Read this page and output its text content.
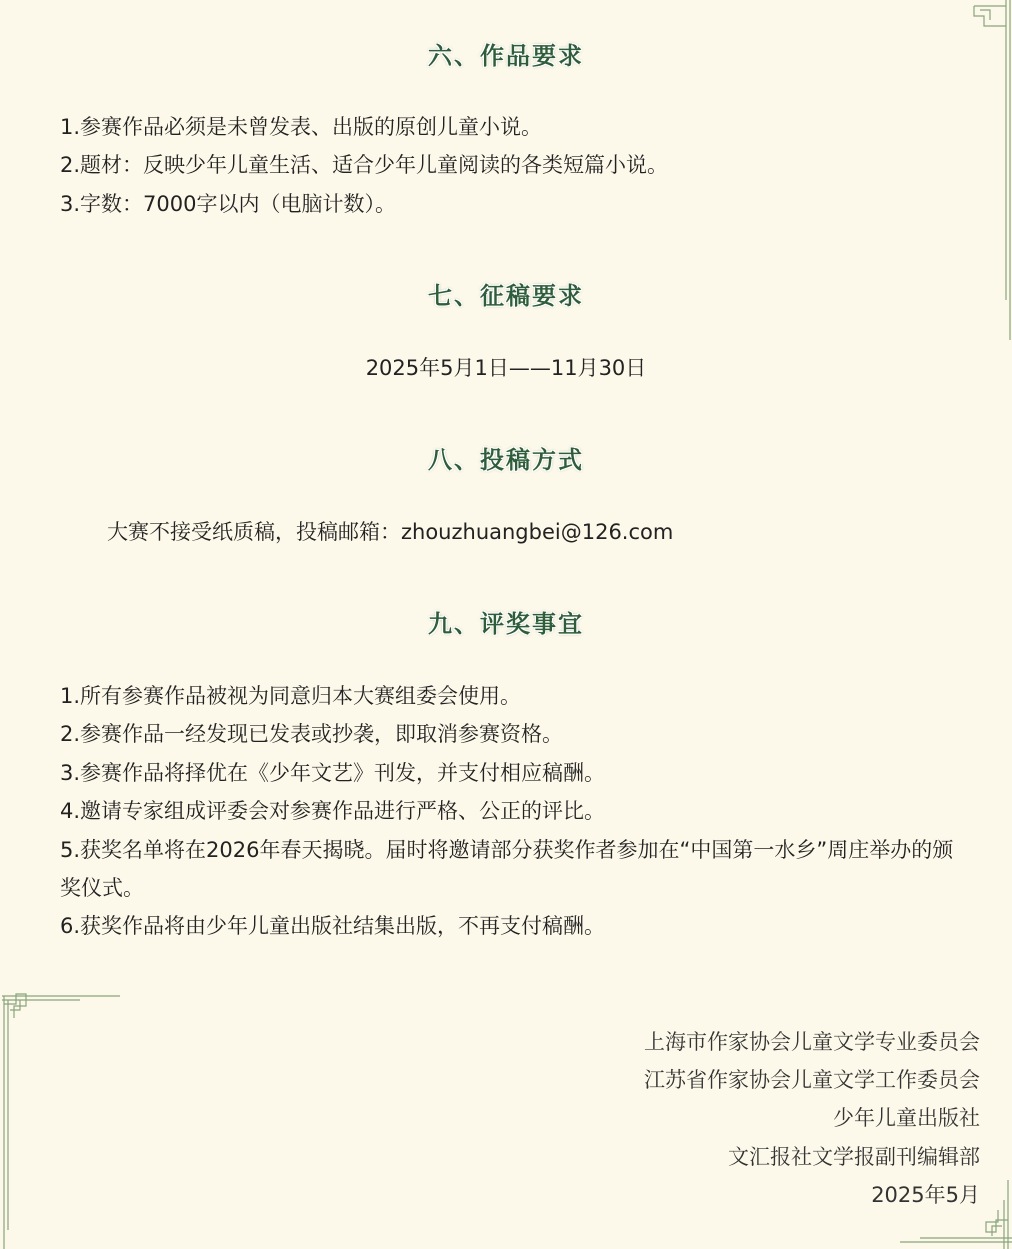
六、作品要求

1.参赛作品必须是未曾发表、出版的原创儿童小说。

2.题材：反映少年儿童生活、适合少年儿童阅读的各类短篇小说。

3.字数：7000字以内（电脑计数）。

七、征稿要求
2025年5月1日——11月30日
八、投稿方式
大赛不接受纸质稿，投稿邮箱：zhouzhuangbei@126.com
九、评奖事宜

1.所有参赛作品被视为同意归本大赛组委会使用。

2.参赛作品一经发现已发表或抄袭，即取消参赛资格。

3.参赛作品将择优在《少年文艺》刊发，并支付相应稿酬。

4.邀请专家组成评委会对参赛作品进行严格、公正的评比。

5.获奖名单将在2026年春天揭晓。届时将邀请部分获奖作者参加在“中国第一水乡”周庄举办的颁奖仪式。

6.获奖作品将由少年儿童出版社结集出版，不再支付稿酬。

上海市作家协会儿童文学专业委员会

江苏省作家协会儿童文学工作委员会

少年儿童出版社

文汇报社文学报副刊编辑部

2025年5月
